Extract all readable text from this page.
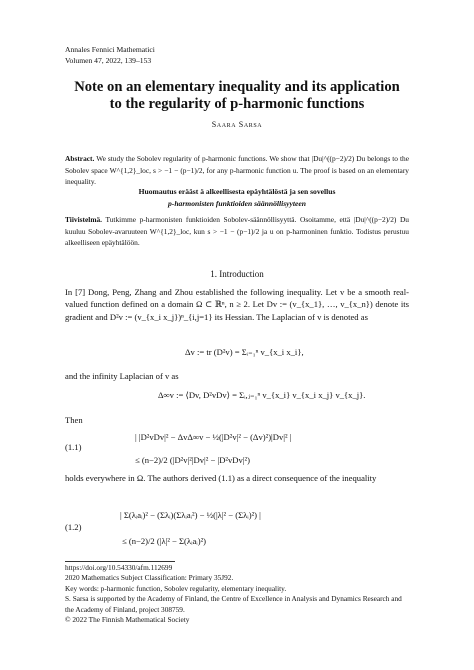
Annales Fennici Mathematici
Volumen 47, 2022, 139–153
Note on an elementary inequality and its application
to the regularity of p-harmonic functions
Saara Sarsa
Abstract. We study the Sobolev regularity of p-harmonic functions. We show that |Du|^((p−2)/2) Du belongs to the Sobolev space W^{1,2}_loc, s > −1 − (p−1)/2, for any p-harmonic function u. The proof is based on an elementary inequality.
Huomautus erääst ä alkeellisesta epäyhtälöstä ja sen sovellus
p-harmonisten funktioiden säännöllisyyteen
Tiivistelmä. Tutkimme p-harmonisten funktioiden Sobolev-säännöllisyyttä. Osoitamme, että |Du|^((p−2)/2) Du kuuluu Sobolev-avaruuteen W^{1,2}_loc, kun s > −1 − (p−1)/2 ja u on p-harmoninen funktio. Todistus perustuu alkeelliseen epäyhtälöön.
1. Introduction
In [7] Dong, Peng, Zhang and Zhou established the following inequality. Let v be a smooth real-valued function defined on a domain Ω ⊂ ℝⁿ, n ≥ 2. Let Dv := (v_{x_1}, …, v_{x_n}) denote its gradient and D²v := (v_{x_i x_j})ⁿ_{i,j=1} its Hessian. The Laplacian of v is denoted as
Δv := tr (D²v) = Σᵢ₌₁ⁿ v_{x_i x_i},
and the infinity Laplacian of v as
Δ∞v := ⟨Dv, D²vDv⟩ = Σᵢ,ⱼ₌₁ⁿ v_{x_i} v_{x_i x_j} v_{x_j}.
Then
(1.1)
| |D²vDv|² − ΔvΔ∞v − ½(|D²v|² − (Δv)²)|Dv|² |
≤ (n−2)/2 (|D²v|²|Dv|² − |D²vDv|²)
holds everywhere in Ω. The authors derived (1.1) as a direct consequence of the inequality
(1.2)
| Σ(λᵢaᵢ)² − (Σλᵢ)(Σλᵢaᵢ²) − ½(|λ|² − (Σλᵢ)²) |
≤ (n−2)/2 (|λ|² − Σ(λᵢaᵢ)²)
https://doi.org/10.54330/afm.112699
2020 Mathematics Subject Classification: Primary 35J92.
Key words: p-harmonic function, Sobolev regularity, elementary inequality.
S. Sarsa is supported by the Academy of Finland, the Centre of Excellence in Analysis and Dynamics Research and the Academy of Finland, project 308759.
© 2022 The Finnish Mathematical Society
